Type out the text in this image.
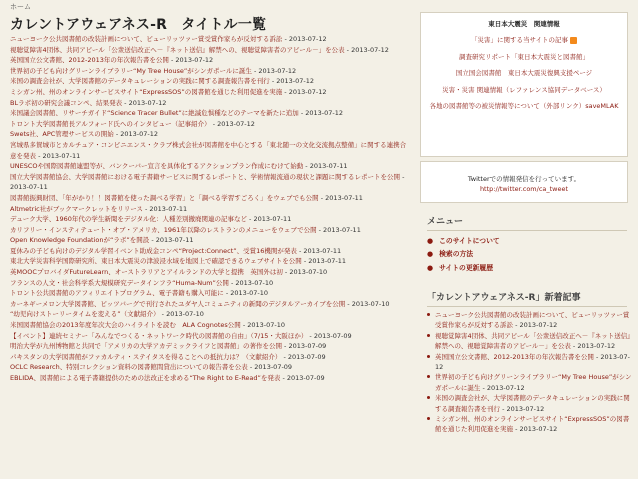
ホーム
カレントアウェアネス-R　タイトル一覧
ニューヨーク公共図書館の改装計画について、ピューリッツァー賞受賞作家らが反対する訴訟 - 2013-07-12
視聴覚障害4団体、共同アピール「公衆送信改正へ－『ネット送信』解禁への、視聴覚障害者のアピール－」を公表 - 2013-07-12
英国国立公文書館、2012-2013年の年次報告書を公開 - 2013-07-12
世界初の子ども向けグリーンライブラリー“My Tree House”がシンガポールに誕生 - 2013-07-12
米国の調査会社が、大学図書館のデータキュレーションの実践に関する調査報告書を刊行 - 2013-07-12
ミシガン州、州のオンラインサービスサイト“ExpressSOS”の図書館を通じた利用促進を実施 - 2013-07-12
BLラボ初の研究会議コンペ、結果発表 - 2013-07-12
米国議会図書館、リサーチガイド“Science Tracer Bullet”に絶滅危惧種などのテーマを新たに追加 - 2013-07-12
トロント大学図書館長アルフォード氏へのインタビュー（記事紹介） - 2013-07-12
Swets社、APC管理サービスの開始 - 2013-07-12
宮城県多賀城市とカルチュア・コンビニエンス・クラブ株式会社が図書館を中心とする「東北随一の文化交流拠点整備」に関する連携合意を発表 - 2013-07-11
UNESCOや国際図書館連盟等が、バンクーバー宣言を具体化するアクションプラン作成にむけて始動 - 2013-07-11
国立大学図書館協会、大学図書館における電子書籍サービスに関するレポートと、学術情報流通の現状と課題に関するレポートを公開 - 2013-07-11
図書館振興財団、「年がかり！！図書館を使った調べる学習」と「調べる学習すごろく」をウェブでも公開 - 2013-07-11
Altmetric社がブックマークレットをリリース - 2013-07-11
デューク大学、1960年代の学生新聞をデジタル化：人種差別撤廃関連の記事など - 2013-07-11
カリフリー・インスティテュート・オブ・アメリカ、1961年以降のレストランのメニューをウェブで公開 - 2013-07-11
Open Knowledge Foundationが“ラボ”を開設 - 2013-07-11
夏休みの子ども向けのデジタル学習イベント助成金コンペ“Project:Connect”、受賞16機関が発表 - 2013-07-11
東北大学災害科学国際研究所、東日本大震災の津波浸水域を地図上で確認できるウェブサイトを公開 - 2013-07-11
英MOOCプロバイダFutureLearn、オーストラリアとアイルランドの大学と提携　英国外は初 - 2013-07-10
フランスの人文・社会科学系大規模研究データインフラ“Huma-Num”公開 - 2013-07-10
トロント公共図書館のアフィリエイトプログラム、電子書籍も購入可能に - 2013-07-10
カーネギーメロン大学図書館、ピッツバーグで刊行されたユダヤ人コミュニティの新聞のデジタルアーカイブを公開 - 2013-07-10
“幼児向けストーリータイムを変える”（文献紹介） - 2013-07-10
米国図書館協会の2013年度年次大会のハイライトを読む　ALA Cognotes公開 - 2013-07-10
【イベント】連続セミナー「みんなでつくる・ネットワーク時代の図書館の自由」（7/15・大阪ほか） - 2013-07-09
明治大学が九州博物館と共同で「アメリカの大学アカデミックライフと図書館」の著作を公開 - 2013-07-09
パキスタンの大学図書館がファカルティ・ステイタスを得ることへの抵抗力は？（文献紹介） - 2013-07-09
OCLC Research、特別コレクション資料の図書館間貸出についての報告書を公表 - 2013-07-09
EBLIDA、図書館による電子書籍提供のための法改正を求める“The Right to E-Read”を発表 - 2013-07-09
東日本大震災　関連情報
「災害」に関する当サイトの記事
調査研究リポート「東日本大震災と図書館」
国立国会図書館　東日本大震災復興支援ページ
災害・災害 関連情報（レファレンス協同データベース）
各地の図書館等の被災情報等について（外部リンク）saveMLAK
Twitterでの情報発信を行っています。
http://twitter.com/ca_tweet
メニュー
● このサイトについて
● 検索の方法
● サイトの更新履歴
「カレントアウェアネス-R」新着記事
ニューヨーク公共図書館の改装計画について、ピューリッツァー賞受賞作家らが反対する訴訟 - 2013-07-12
視聴覚障害4団体、共同アピール「公衆送信改正へ－『ネット送信』解禁への、視聴覚障害者のアピール－」を公表 - 2013-07-12
英国国立公文書館、2012-2013年の年次報告書を公開 - 2013-07-12
世界初の子ども向けグリーンライブラリー“My Tree House”がシンガポールに誕生 - 2013-07-12
米国の調査会社が、大学図書館のデータキュレーションの実践に関する調査報告書を刊行 - 2013-07-12
ミシガン州、州のオンラインサービスサイト“ExpressSOS”の図書館を通じた利用促進を実施 - 2013-07-12
